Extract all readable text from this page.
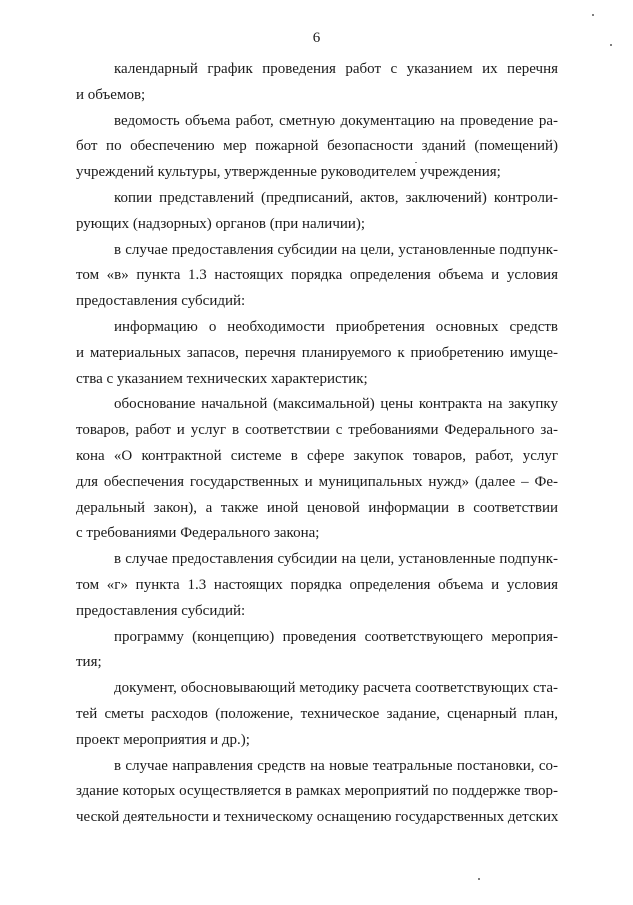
6
календарный график проведения работ с указанием их перечня
и объемов;
ведомость объема работ, сметную документацию на проведение ра-
бот по обеспечению мер пожарной безопасности зданий (помещений)
учреждений культуры, утвержденные руководителем учреждения;
копии представлений (предписаний, актов, заключений) контроли-
рующих (надзорных) органов (при наличии);
в случае предоставления субсидии на цели, установленные подпунк-
том «в» пункта 1.3 настоящих порядка определения объема и условия
предоставления субсидий:
информацию о необходимости приобретения основных средств
и материальных запасов, перечня планируемого к приобретению имуще-
ства с указанием технических характеристик;
обоснование начальной (максимальной) цены контракта на закупку
товаров, работ и услуг в соответствии с требованиями Федерального за-
кона «О контрактной системе в сфере закупок товаров, работ, услуг
для обеспечения государственных и муниципальных нужд» (далее – Фе-
деральный закон), а также иной ценовой информации в соответствии
с требованиями Федерального закона;
в случае предоставления субсидии на цели, установленные подпунк-
том «г» пункта 1.3 настоящих порядка определения объема и условия
предоставления субсидий:
программу (концепцию) проведения соответствующего мероприя-
тия;
документ, обосновывающий методику расчета соответствующих ста-
тей сметы расходов (положение, техническое задание, сценарный план,
проект мероприятия и др.);
в случае направления средств на новые театральные постановки, со-
здание которых осуществляется в рамках мероприятий по поддержке твор-
ческой деятельности и техническому оснащению государственных детских
